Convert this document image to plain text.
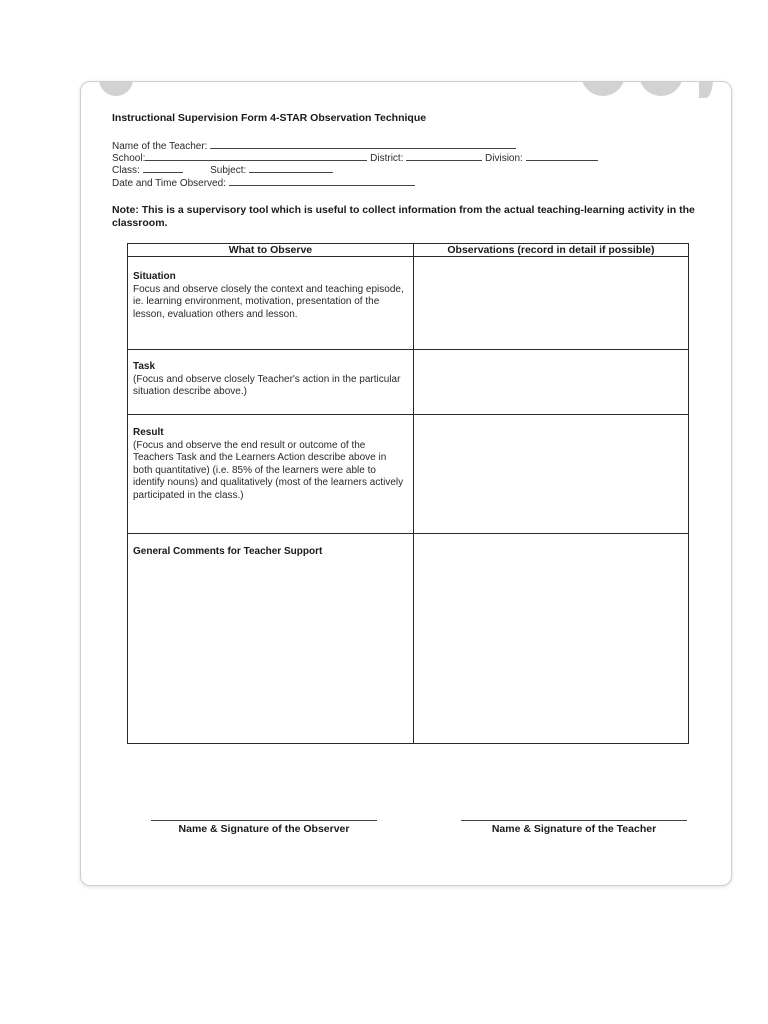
Instructional Supervision Form 4-STAR Observation Technique
Name of the Teacher:
School:	District:	Division:
Class:	Subject:
Date and Time Observed:
Note: This is a supervisory tool which is useful to collect information from the actual teaching-learning activity in the classroom.
What to Observe	Observations (record in detail if possible)

Situation
Focus and observe closely the context and teaching episode, ie. learning environment, motivation, presentation of the lesson, evaluation others and lesson.	

Task
(Focus and observe closely Teacher's action in the particular situation describe above.)	

Result
(Focus and observe the end result or outcome of the Teachers Task and the Learners Action describe above in both quantitative) (i.e. 85% of the learners were able to identify nouns) and qualitatively (most of the learners actively participated in the class.)	

General Comments for Teacher Support	

Name & Signature of the Observer	Name & Signature of the Teacher
